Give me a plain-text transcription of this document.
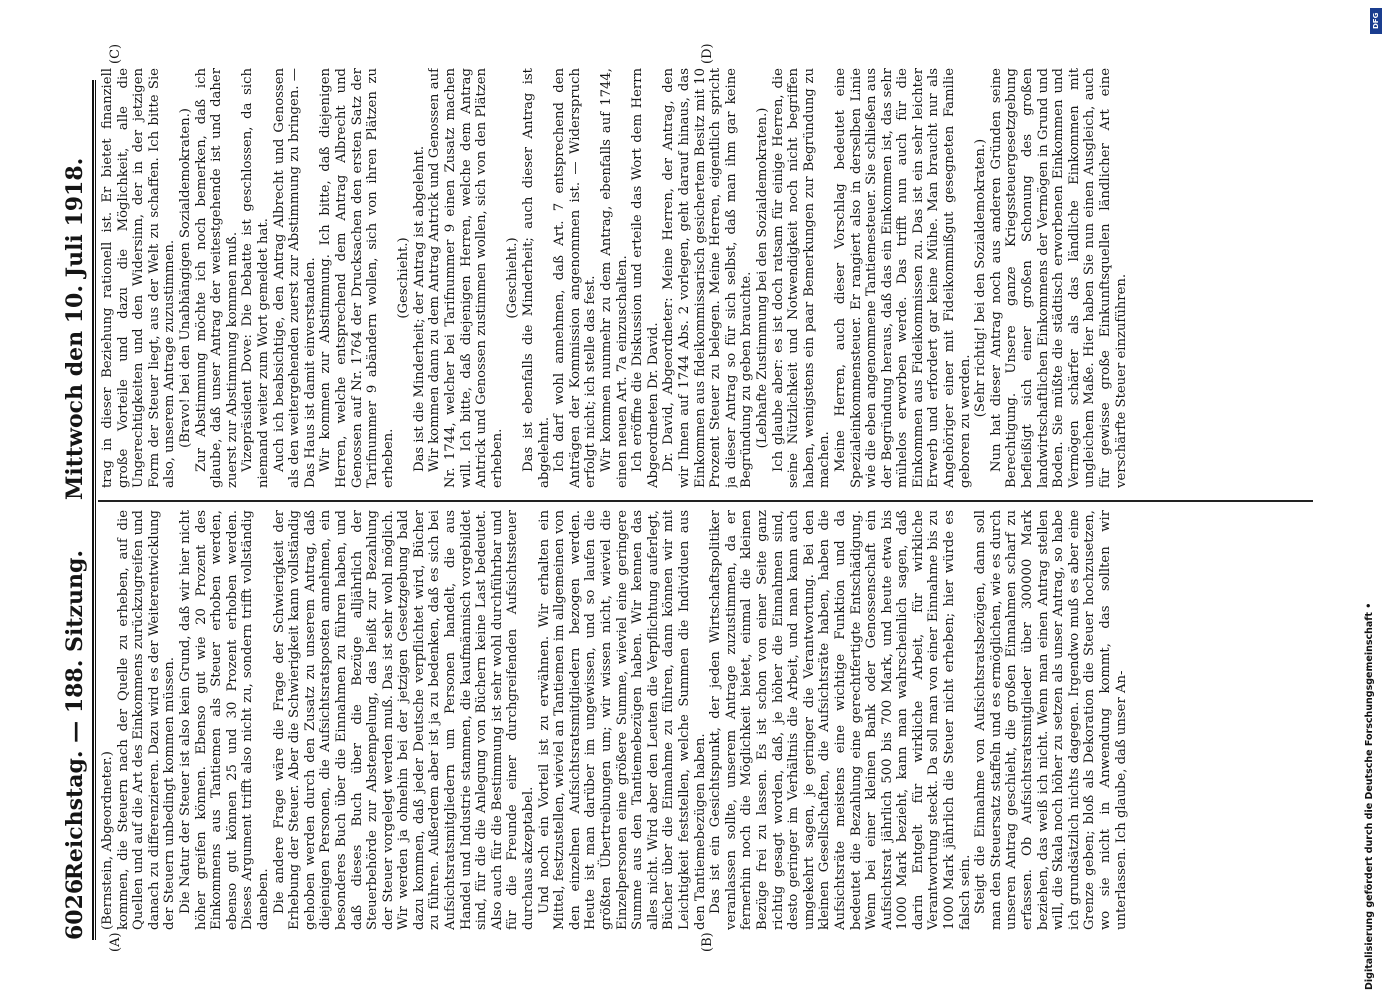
6026
Reichstag. — 188. Sitzung.
Mittwoch den 10. Juli 1918.

(Bernstein, Abgeordneter.) kommen, die Steuern nach der Quelle zu erheben, auf die Quellen und auf die Art des Einkommens zurückzugreifen und danach zu differenzieren. Dazu wird es der Weiterentwicklung der Steuern unbedingt kommen müssen. Die Natur der Steuer ist also kein Grund, daß wir hier nicht höher greifen können. Ebenso gut wie 20 Prozent des Einkommens aus Tantiemen als Steuer erhoben werden, ebenso gut können 25 und 30 Prozent erhoben werden. Dieses Argument trifft also nicht zu, sondern trifft vollständig daneben. Die andere Frage wäre die Frage der Schwierigkeit der Erhebung der Steuer. Aber die Schwierigkeit kann vollständig gehoben werden durch den Zusatz zu unserem Antrag, daß diejenigen Personen, die Aufsichtsratsposten annehmen, ein besonderes Buch über die Einnahmen zu führen haben, und daß dieses Buch über die Bezüge alljährlich der Steuerbehörde zur Abstempelung, das heißt zur Bezahlung der Steuer vorgelegt werden muß. Das ist sehr wohl möglich. Wir werden ja ohnehin bei der jetzigen Gesetzgebung bald dazu kommen, daß jeder Deutsche verpflichtet wird, Bücher zu führen. Außerdem aber ist ja zu bedenken, daß es sich bei Aufsichtsratsmitgliedern um Personen handelt, die aus Handel und Industrie stammen, die kaufmännisch vorgebildet sind, für die die Anlegung von Büchern keine Last bedeutet. Also auch für die Bestimmung ist sehr wohl durchführbar und für die Freunde einer durchgreifenden Aufsichtssteuer durchaus akzeptabel. Und noch ein Vorteil ist zu erwähnen. Wir erhalten ein Mittel, festzustellen, wieviel an Tantiemen im allgemeinen von den einzelnen Aufsichtsratsmitgliedern bezogen werden. Heute ist man darüber im ungewissen, und so laufen die größten Übertreibungen um; wir wissen nicht, wieviel die Einzelpersonen eine größere Summe, wieviel eine geringere Summe aus den Tantiemebezügen haben. Wir kennen das alles nicht. Wird aber den Leuten die Verpflichtung auferlegt, Bücher über die Einnahme zu führen, dann können wir mit Leichtigkeit feststellen, welche Summen die Individuen aus den Tantiemebezügen haben. Das ist ein Gesichtspunkt, der jeden Wirtschaftspolitiker veranlassen sollte, unserem Antrage zuzustimmen, da er fernerhin noch die Möglichkeit bietet, einmal die kleinen Bezüge frei zu lassen. Es ist schon von einer Seite ganz richtig gesagt worden, daß, je höher die Einnahmen sind, desto geringer im Verhältnis die Arbeit, und man kann auch umgekehrt sagen, je geringer die Verantwortung. Bei den kleinen Gesellschaften, die Aufsichtsräte haben, haben die Aufsichtsräte meistens eine wichtige Funktion und da bedeutet die Bezahlung eine gerechtfertigte Entschädigung. Wenn bei einer kleinen Bank oder Genossenschaft ein Aufsichtsrat jährlich 500 bis 700 Mark, und heute etwa bis 1000 Mark bezieht, kann man wahrscheinlich sagen, daß darin Entgelt für wirkliche Arbeit, für wirkliche Verantwortung steckt. Da soll man von einer Einnahme bis zu 1000 Mark jährlich die Steuer nicht erheben; hier würde es falsch sein. Steigt die Einnahme von Aufsichtsratsbezügen, dann soll man den Steuersatz staffeln und es ermöglichen, wie es durch unseren Antrag geschieht, die großen Einnahmen scharf zu erfassen. Ob Aufsichtsratsmitglieder über 300000 Mark beziehen, das weiß ich nicht. Wenn man einen Antrag stellen will, die Skala noch höher zu setzen als unser Antrag, so habe ich grundsätzlich nichts dagegen. Irgendwo muß es aber eine Grenze geben; bloß als Dekoration die Steuer hochzusetzen, wo sie nicht in Anwendung kommt, das sollten wir unterlassen. Ich glaube, daß unser An-

trag in dieser Beziehung rationell ist. Er bietet finanziell große Vorteile und dazu die Möglichkeit, alle die Ungerechtigkeiten und den Widersinn, der in der jetzigen Form der Steuer liegt, aus der Welt zu schaffen. Ich bitte Sie also, unserem Antrage zuzustimmen. (Bravo! bei den Unabhängigen Sozialdemokraten.) Zur Abstimmung möchte ich noch bemerken, daß ich glaube, daß unser Antrag der weitestgehende ist und daher zuerst zur Abstimmung kommen muß. Vizepräsident Dove: Die Debatte ist geschlossen, da sich niemand weiter zum Wort gemeldet hat. Auch ich beabsichtige, den Antrag Albrecht und Genossen als den weitergehenden zuerst zur Abstimmung zu bringen. — Das Haus ist damit einverstanden. Wir kommen zur Abstimmung. Ich bitte, daß diejenigen Herren, welche entsprechend dem Antrag Albrecht und Genossen auf Nr. 1764 der Drucksachen den ersten Satz der Tarifnummer 9 abändern wollen, sich von ihren Plätzen zu erheben.

(Geschieht.) Das ist die Minderheit; der Antrag ist abgelehnt. Wir kommen dann zu dem Antrag Antrick und Genossen auf Nr. 1744, welcher bei Tarifnummer 9 einen Zusatz machen will. Ich bitte, daß diejenigen Herren, welche dem Antrag Antrick und Genossen zustimmen wollen, sich von den Plätzen erheben.

(Geschieht.) Das ist ebenfalls die Minderheit; auch dieser Antrag ist abgelehnt. Ich darf wohl annehmen, daß Art. 7 entsprechend den Anträgen der Kommission angenommen ist. — Widerspruch erfolgt nicht; ich stelle das fest. Wir kommen nunmehr zu dem Antrag, ebenfalls auf 1744, einen neuen Art. 7a einzuschalten. Ich eröffne die Diskussion und erteile das Wort dem Herrn Abgeordneten Dr. David. Dr. David, Abgeordneter: Meine Herren, der Antrag, den wir Ihnen auf 1744 Abs. 2 vorlegen, geht darauf hinaus, das Einkommen aus fideikommissarisch gesichertem Besitz mit 10 Prozent Steuer zu belegen. Meine Herren, eigentlich spricht ja dieser Antrag so für sich selbst, daß man ihm gar keine Begründung zu geben brauchte. (Lebhafte Zustimmung bei den Sozialdemokraten.) Ich glaube aber: es ist doch ratsam für einige Herren, die seine Nützlichkeit und Notwendigkeit noch nicht begriffen haben, wenigstens ein paar Bemerkungen zur Begründung zu machen. Meine Herren, auch dieser Vorschlag bedeutet eine Spezialeinkommensteuer. Er rangiert also in derselben Linie wie die eben angenommene Tantiemesteuer. Sie schließen aus der Begründung heraus, daß das ein Einkommen ist, das sehr mühelos erworben werde. Das trifft nun auch für die Einkommen aus Fideikommissen zu. Das ist ein sehr leichter Erwerb und erfordert gar keine Mühe. Man braucht nur als Angehöriger einer mit Fideikommißgut gesegneten Familie geboren zu werden.

(Sehr richtig! bei den Sozialdemokraten.) Nun hat dieser Antrag noch aus anderen Gründen seine Berechtigung. Unsere ganze Kriegssteuergesetzgebung befleißigt sich einer großen Schonung des großen landwirtschaftlichen Einkommens der Vermögen in Grund und Boden. Sie müßte die städtisch erworbenen Einkommen und Vermögen schärfer als das ländliche Einkommen mit ungleichem Maße. Hier haben Sie nun einen Ausgleich, auch für gewisse große Einkunftsquellen ländlicher Art eine verschärfte Steuer einzuführen.

(A)	(B)
(C)	(D)
DFG
Digitalisierung gefördert durch die Deutsche Forschungsgemeinschaft •
